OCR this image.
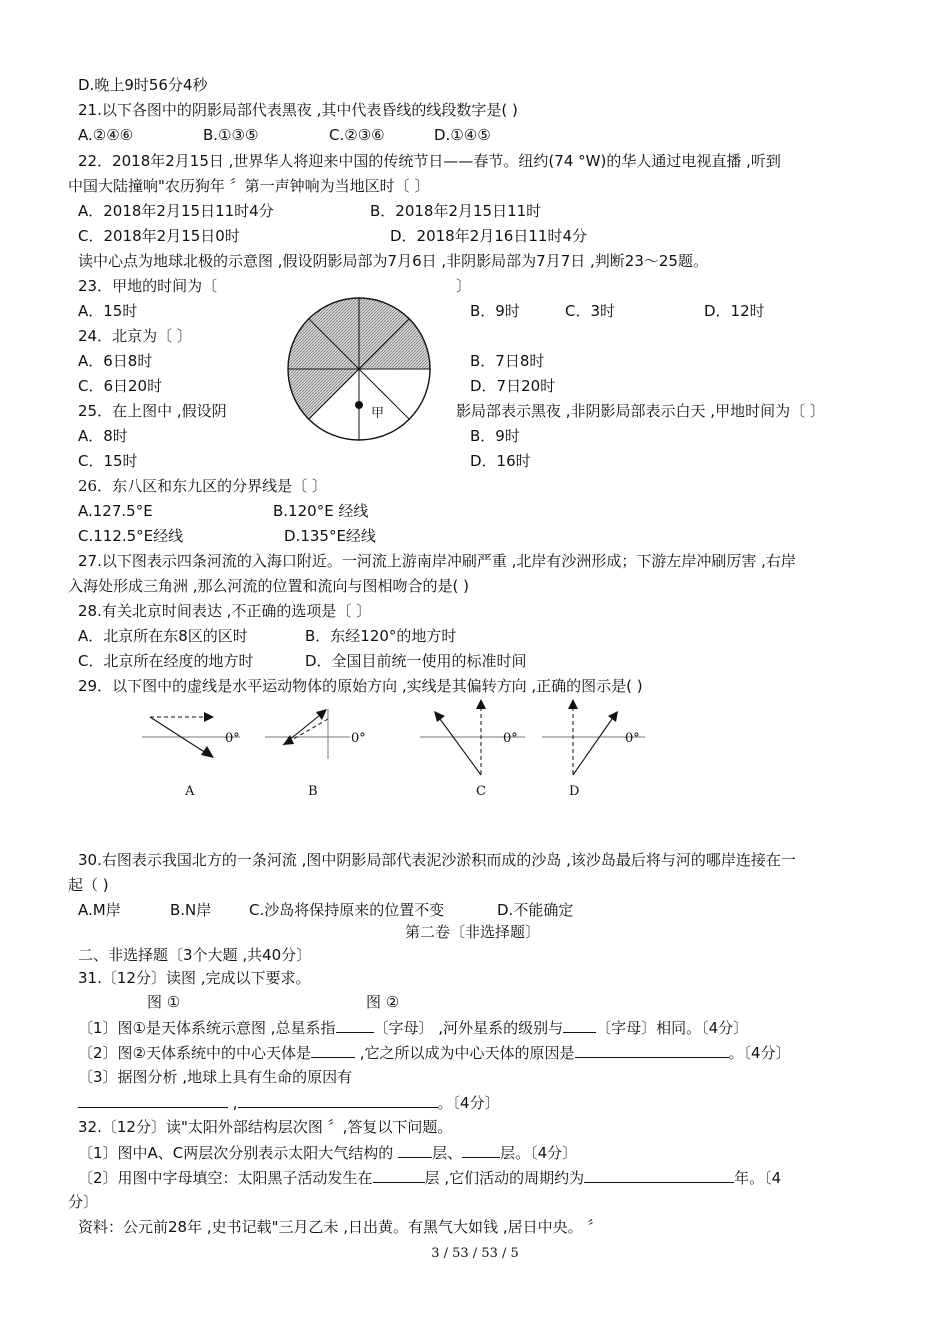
D.晚上9时56分4秒
21.以下各图中的阴影局部代表黑夜 ,其中代表昏线的线段数字是( )
A.②④⑥	B.①③⑤	C.②③⑥	D.①④⑤
22．2018年2月15日 ,世界华人将迎来中国的传统节日——春节。纽约(74 °W)的华人通过电视直播 ,听到
中国大陆撞响"农历狗年 〞第一声钟响为当地区时〔 〕
A．2018年2月15日11时4分	B．2018年2月15日11时
C．2018年2月15日0时	D．2018年2月16日11时4分
读中心点为地球北极的示意图 ,假设阴影局部为7月6日 ,非阴影局部为7月7日 ,判断23～25题。
23．甲地的时间为〔	〕
A．15时	B．9时	C．3时	D．12时
24．北京为〔 〕
A．6日8时	B．7日8时
C．6日20时	D．7日20时
25．在上图中 ,假设阴	影局部表示黑夜 ,非阴影局部表示白天 ,甲地时间为〔 〕
A．8时	B．9时
C．15时	D．16时
甲
26．东八区和东九区的分界线是〔 〕
A.127.5°E	B.120°E 经线
C.112.5°E经线	D.135°E经线
27.以下图表示四条河流的入海口附近。一河流上游南岸冲刷严重 ,北岸有沙洲形成；下游左岸冲刷厉害 ,右岸
入海处形成三角洲 ,那么河流的位置和流向与图相吻合的是( )
28.有关北京时间表达 ,不正确的选项是〔 〕
A．北京所在东8区的区时	B．东经120°的地方时
C．北京所在经度的地方时	D．全国目前统一使用的标准时间
29．以下图中的虚线是水平运动物体的原始方向 ,实线是其偏转方向 ,正确的图示是( )
0°
A
0°
B
0°
C
0°
D
30.右图表示我国北方的一条河流 ,图中阴影局部代表泥沙淤积而成的沙岛 ,该沙岛最后将与河的哪岸连接在一
起（ )
A.M岸	B.N岸	C.沙岛将保持原来的位置不变	D.不能确定
第二卷〔非选择题〕
二、非选择题〔3个大题 ,共40分〕
31.〔12分〕读图 ,完成以下要求。
图 ①	图 ②
〔1〕图①是天体系统示意图 ,总星系指	〔字母〕 ,河外星系的级别与 〔字母〕相同。〔4分〕
〔2〕图②天体系统中的中心天体是	,它之所以成为中心天体的原因是	。〔4分〕
〔3〕据图分析 ,地球上具有生命的原因有
,	。〔4分〕
32.〔12分〕读"太阳外部结构层次图 〞,答复以下问题。
〔1〕图中A、C两层次分别表示太阳大气结构的 层、	层。〔4分〕
〔2〕用图中字母填空：太阳黑子活动发生在	层 ,它们活动的周期约为	年。〔4
分〕
资料：公元前28年 ,史书记载"三月乙未 ,日出黄。有黑气大如钱 ,居日中央。 〞
3 / 53 / 53 / 5
